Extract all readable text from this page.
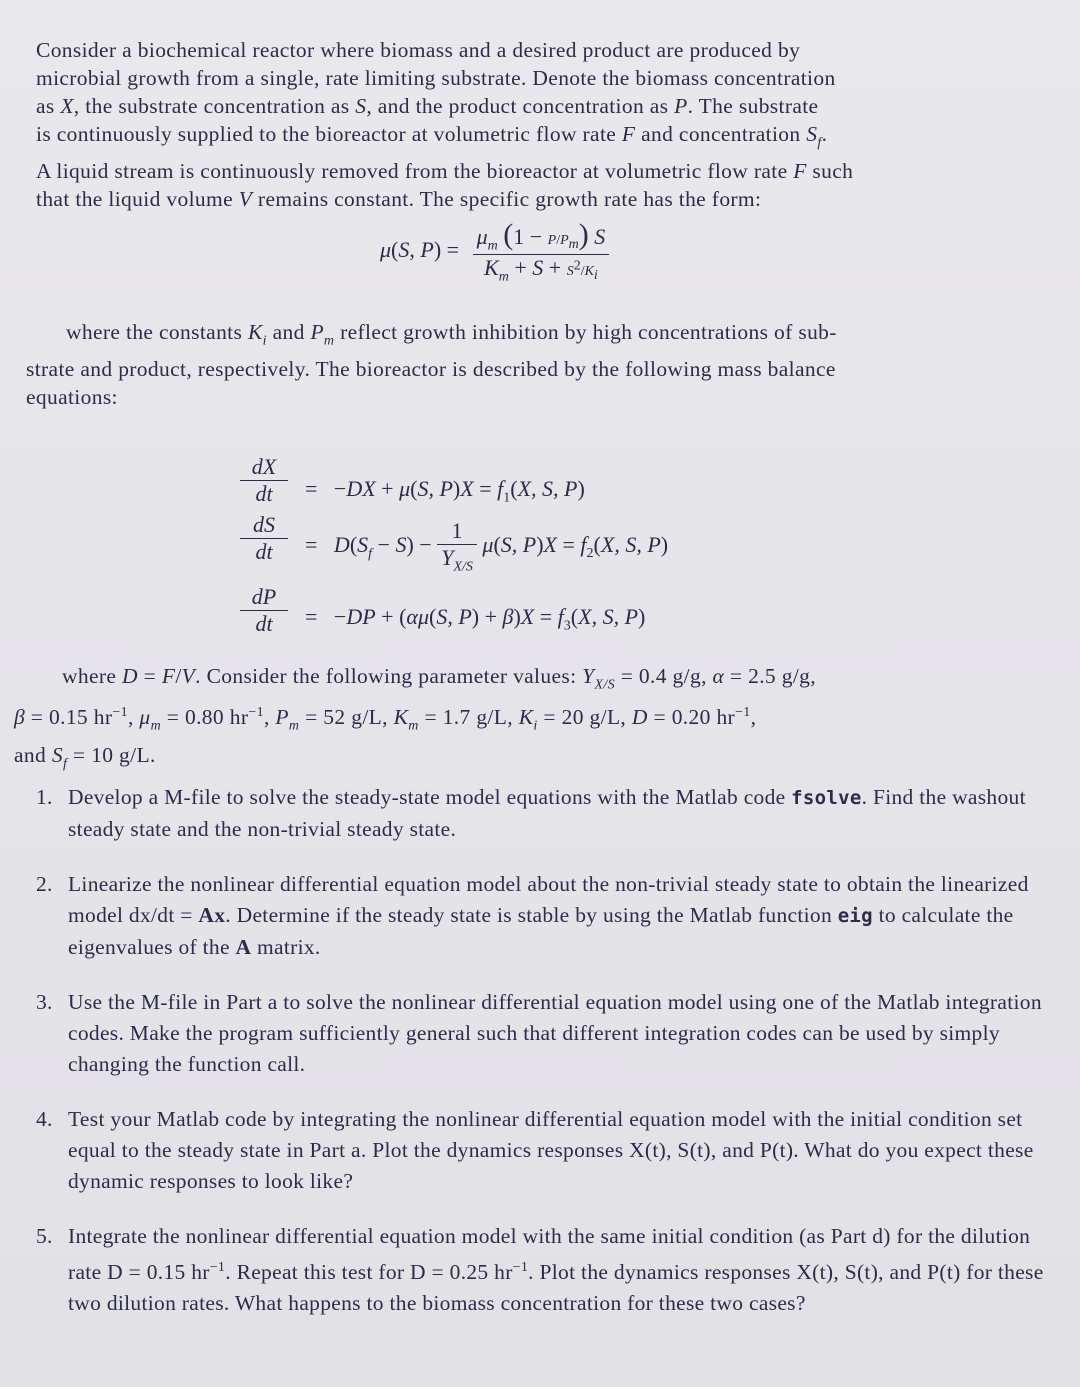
Consider a biochemical reactor where biomass and a desired product are produced by
microbial growth from a single, rate limiting substrate. Denote the biomass concentration
as X, the substrate concentration as S, and the product concentration as P. The substrate
is continuously supplied to the bioreactor at volumetric flow rate F and concentration $S_f$.
A liquid stream is continuously removed from the bioreactor at volumetric flow rate F such
that the liquid volume V remains constant. The specific growth rate has the form:
μ(S, $P) = \frac{\mu_m (1 - P/P_m) S}{K_m + S + S^2/K_i}$
where the constants $K_i$ and $P_m$ reflect growth inhibition by high concentrations of sub-
strate and product, respectively. The bioreactor is described by the following mass balance
equations:
dX
dt	=   −DX + μ(S, $P)X = f_1(X$, S, P)
dS
dt	=   $D(S_f - S) - \frac{1}{Y_{X/S}} \mu(S$, $P)X = f_2(X$, S, P)
dP
dt	=   −DP + (αμ(S, $P) + \beta)X = f_3(X$, S, P)
where D = F/V. Consider the following parameter values: $Y_{X/S} = 0.4$ g/g, α = 2.5 g/g,
β = 0.15 $hr^{-1}$, $\mu_m = 0.80$ $hr^{-1}$, $P_m = 52$ g/L, $K_m = 1.7$ g/L, $K_i = 20$ g/L, D = 0.20 $hr^{-1}$,
and $S_f = 10$ g/L.
1. Develop a M-file to solve the steady-state model equations with the Matlab code fsolve. Find the washout steady state and the non-trivial steady state.
2. Linearize the nonlinear differential equation model about the non-trivial steady state to obtain the linearized model dx/dt = Ax. Determine if the steady state is stable by using the Matlab function eig to calculate the eigenvalues of the A matrix.
3. Use the M-file in Part a to solve the nonlinear differential equation model using one of the Matlab integration codes. Make the program sufficiently general such that different integration codes can be used by simply changing the function call.
4. Test your Matlab code by integrating the nonlinear differential equation model with the initial condition set equal to the steady state in Part a. Plot the dynamics responses X(t), S(t), and P(t). What do you expect these dynamic responses to look like?
5. Integrate the nonlinear differential equation model with the same initial condition (as Part d) for the dilution rate D = 0.15 $hr^{-1}$. Repeat this test for D = 0.25 $hr^{-1}$. Plot the dynamics responses X(t), S(t), and P(t) for these two dilution rates. What happens to the biomass concentration for these two cases?
